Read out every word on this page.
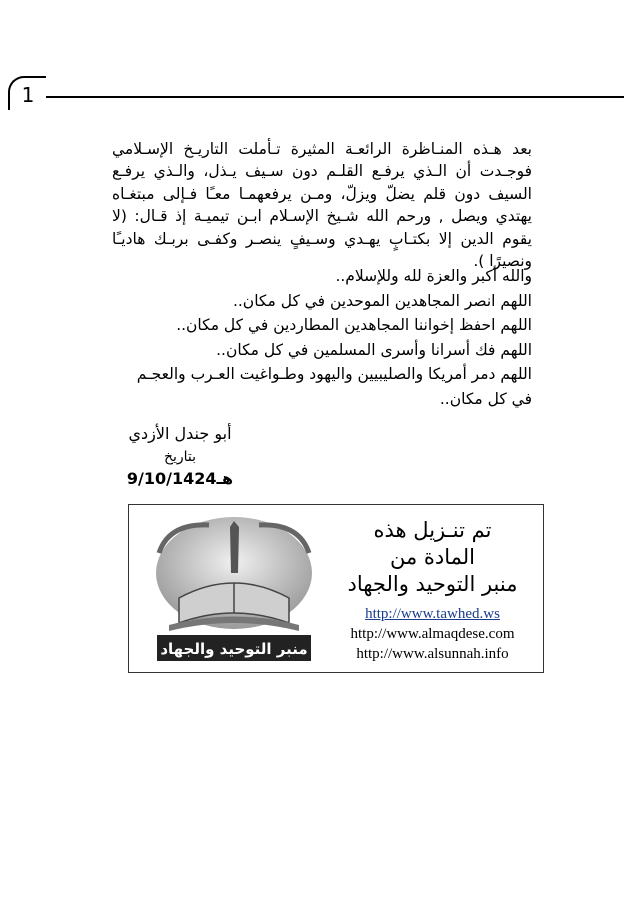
1

بعد هـذه المنـاظرة الرائعـة المثيرة تـأملت التاريـخ الإسـلامي فوجـدت أن الـذي يرفـع القلـم دون سـيف يـذل، والـذي يرفـع السيف دون قلم يضلّ ويزلّ، ومـن يرفعهمـا معـًا فـإلى مبتغـاه يهتدي ويصل , ورحم الله شـيخ الإسـلام ابـن تيميـة إذ قـال: (لا يقوم الدين إلا بكتـابٍ يهـدي وسـيفٍ ينصـر وكفـى بربـك هاديـًا ونصيرًا ).

والله أكبر والعزة لله وللإسلام..

اللهم انصر المجاهدين الموحدين في كل مكان..

اللهم احفظ إخواننا المجاهدين المطاردين في كل مكان..

اللهم فك أسرانا وأسرى المسلمين في كل مكان..

اللهم دمر أمريكا والصليبيين واليهود وطـواغيت العـرب والعجـم في كل مكان..

أبو جندل الأزدي
بتاريخ
9/10/1424هـ
منبر التوحيد والجهاد
تم تنـزيل هذه
المادة من
منبر التوحيد والجهاد
http://www.tawhed.ws
http://www.almaqdese.com
http://www.alsunnah.info
